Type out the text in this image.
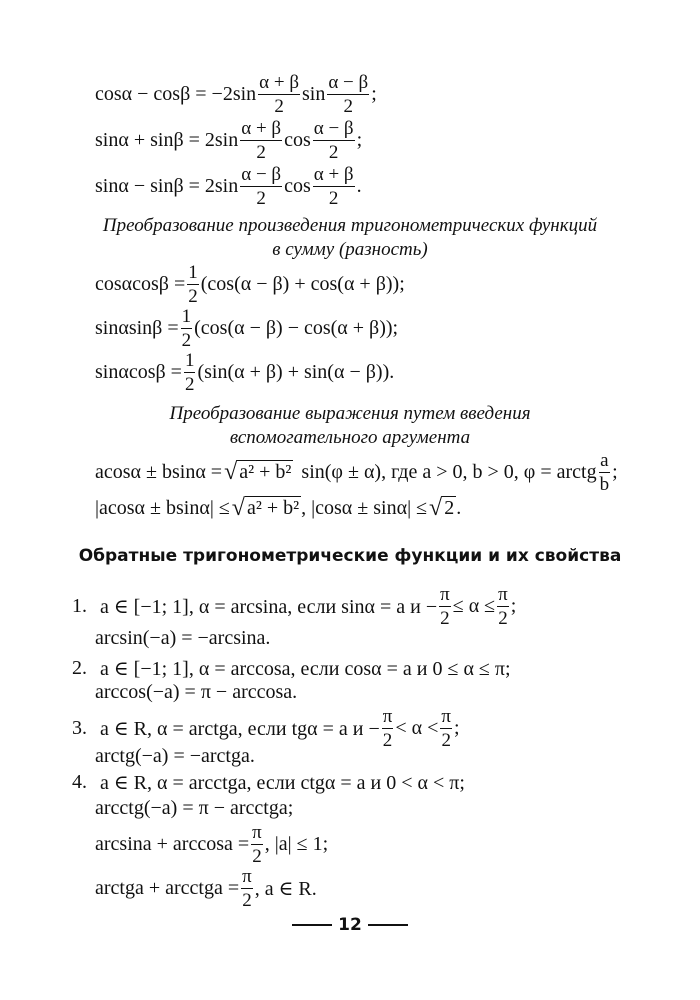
$\cos\alpha - \cos\beta = -2\sin \frac{\alpha + \beta}{2}$ $\sin \frac{\alpha - \beta}{2}$ ;
$\sin\alpha + \sin\beta = 2\sin \frac{\alpha + \beta}{2}$ $\cos \frac{\alpha - \beta}{2}$ ;
$\sin\alpha - \sin\beta = 2\sin \frac{\alpha - \beta}{2}$ $\cos \frac{\alpha + \beta}{2}$ .
Преобразование произведения тригонометрических функций
в сумму (разность)
$\cos\alpha\cos\beta = \frac{1}{2} (\cos(\alpha - \beta) + \cos(\alpha + \beta))$;
$\sin\alpha\sin\beta = \frac{1}{2} (\cos(\alpha - \beta) - \cos(\alpha + \beta))$;
$\sin\alpha\cos\beta = \frac{1}{2} (\sin(\alpha + \beta) + \sin(\alpha - \beta))$.
Преобразование выражения путем введения
вспомогательного аргумента
acosα ± bsinα = √ a² + b² sin(φ ± α), где a > 0, b > 0, φ = arctg $\frac{a}{b}$ ;
|acosα ± bsinα| ≤ √ a² + b² , |cosα ± sinα| ≤ √ 2 .
Обратные тригонометрические функции и их свойства
1. a ∈ [−1; 1], α = arcsina, если sinα = a $и - \frac{\pi}{2} \le \alpha \le \frac{\pi}{2}$ ;
arcsin(−a) = −arcsina.
2. a ∈ [−1; 1], α = arccosa, если cosα = a и 0 ≤ α ≤ π;
arccos(−a) = π − arccosa.
3. a ∈ R, α = arctga, если tgα = a $и - \frac{\pi}{2} < \alpha < \frac{\pi}{2}$ ;
arctg(−a) = −arctga.
4. a ∈ R, α = arcctga, если ctgα = a и 0 < α < π;
arcctg(−a) = π − arcctga;
$\arcsin a + \arccos a = \frac{\pi}{2}$ , |a| ≤ 1;
arctga + arcctga = $\frac{\pi}{2}$ , a ∈ R.
12
